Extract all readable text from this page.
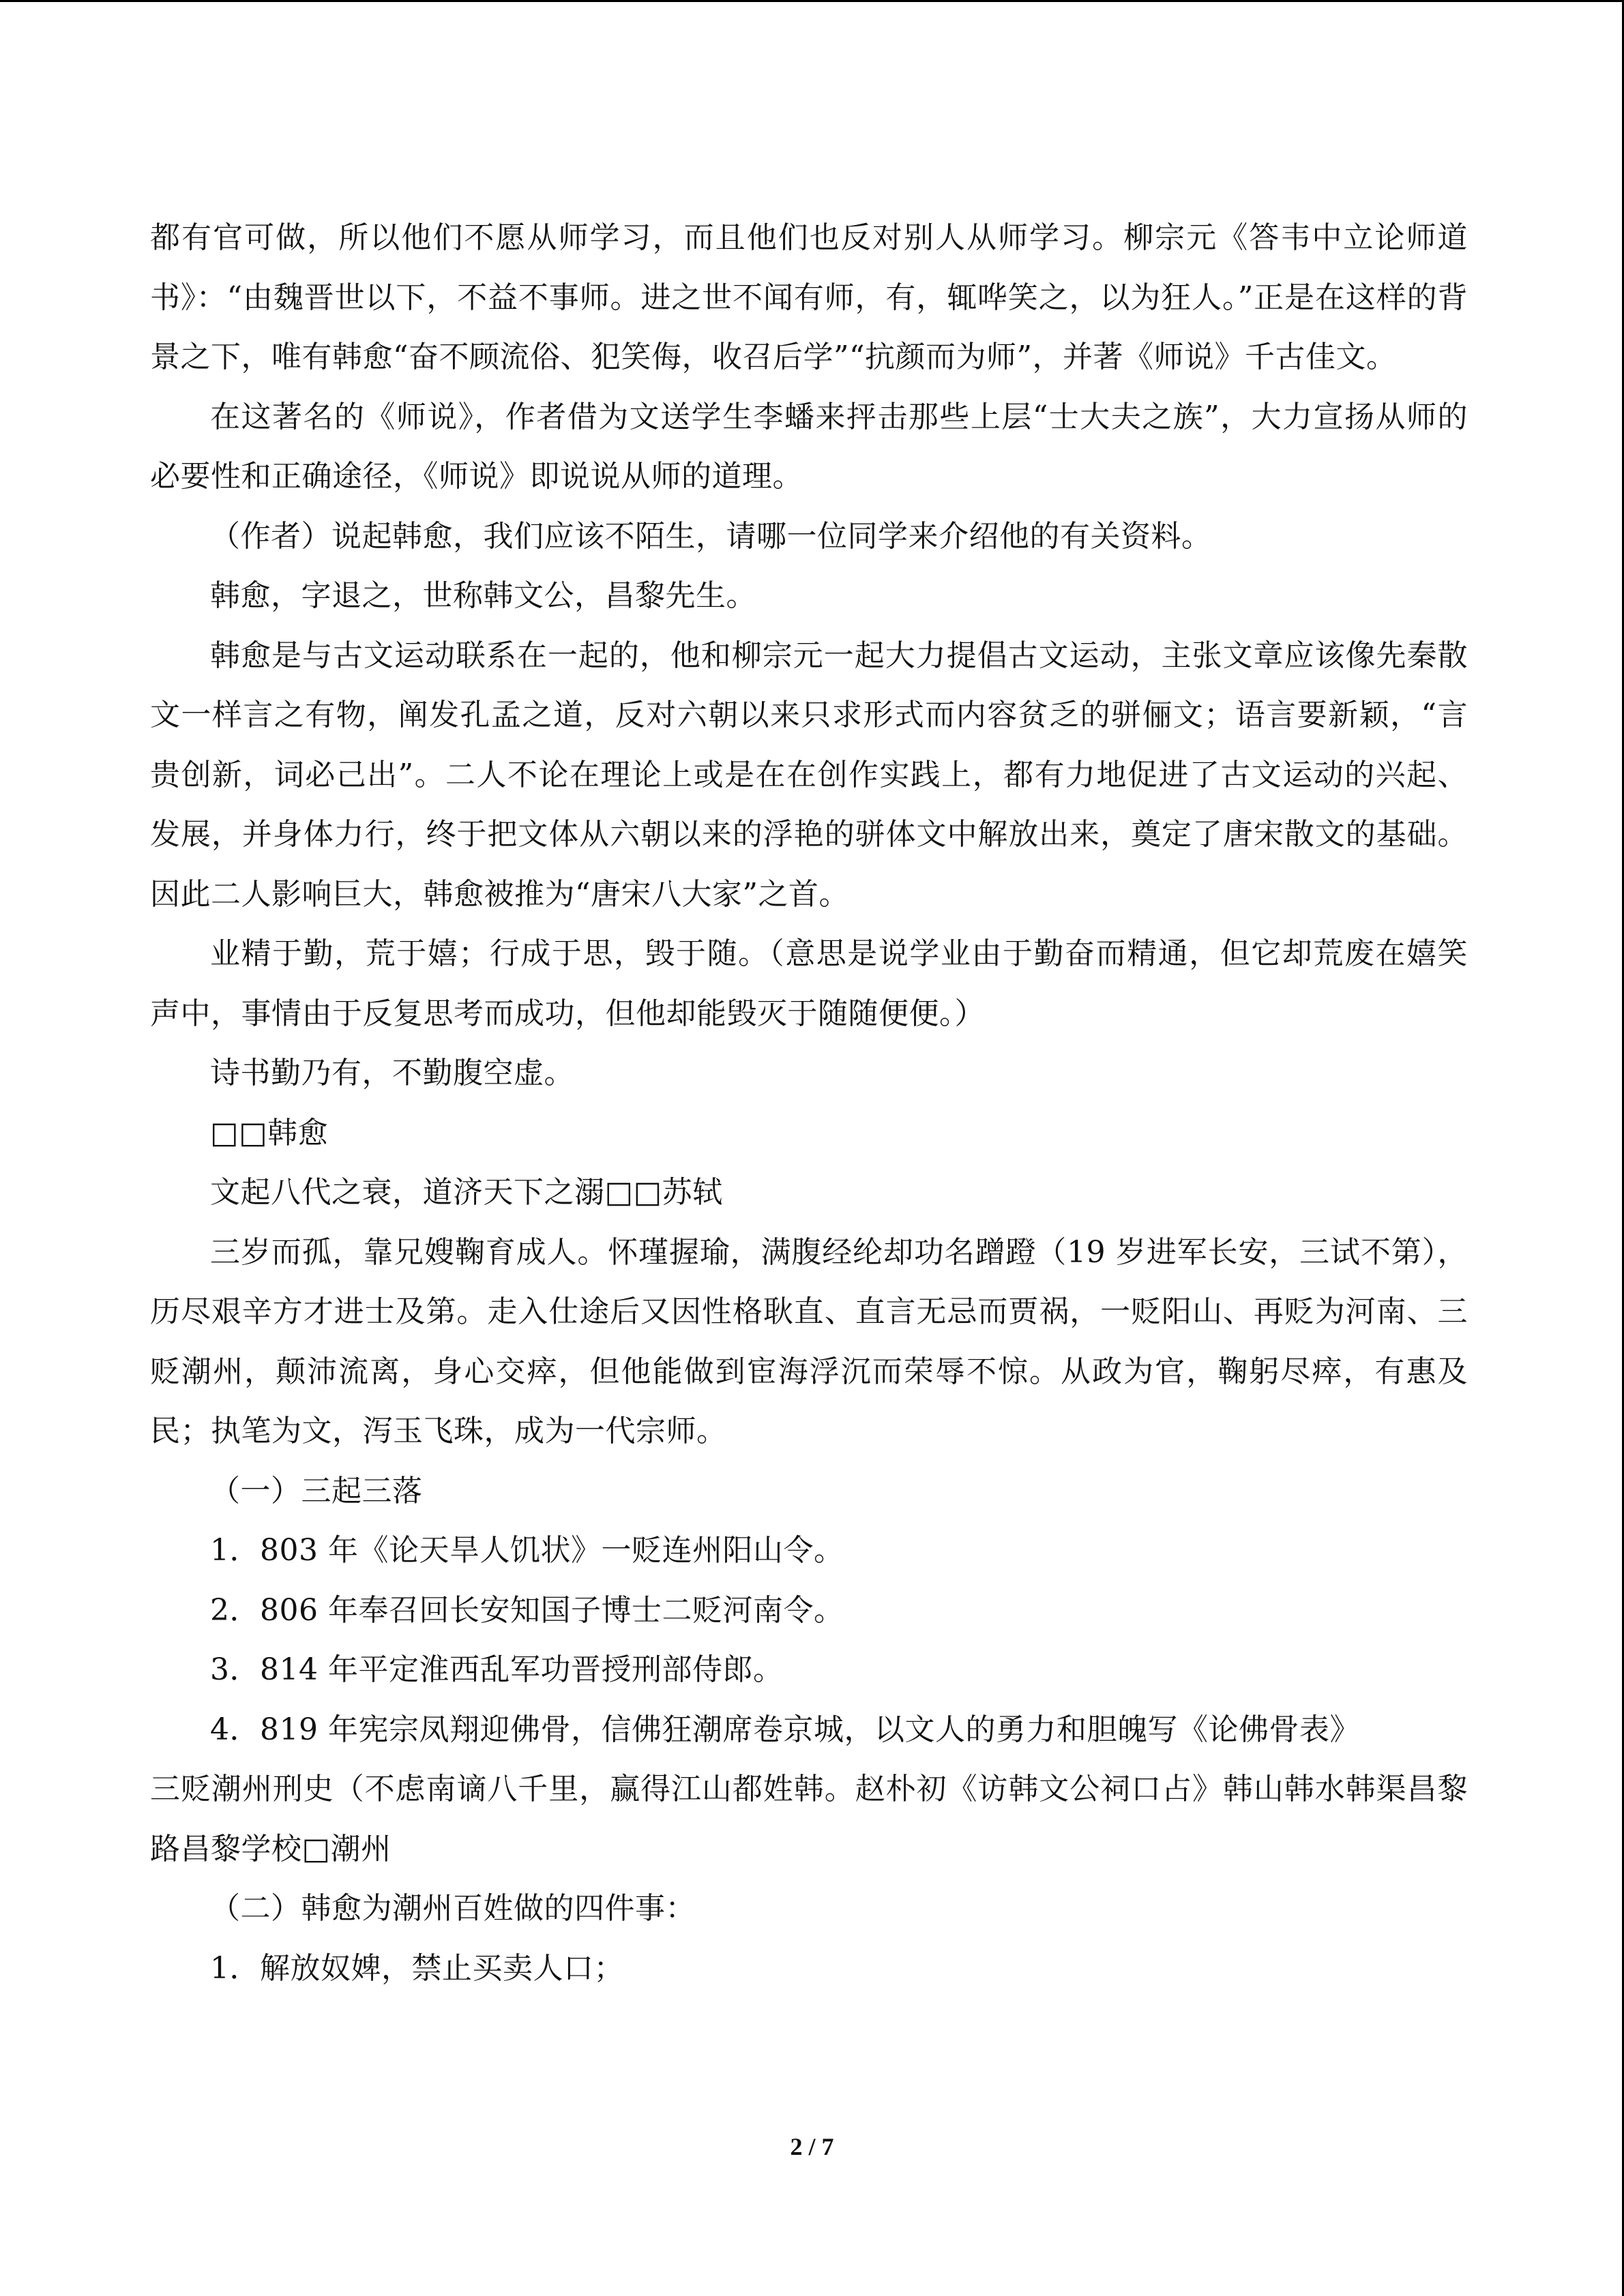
都有官可做，所以他们不愿从师学习，而且他们也反对别人从师学习。柳宗元《答韦中立论师道书》：“由魏晋世以下，不益不事师。进之世不闻有师，有，辄哗笑之，以为狂人。”正是在这样的背景之下，唯有韩愈“奋不顾流俗、犯笑侮，收召后学”“抗颜而为师”，并著《师说》千古佳文。

在这著名的《师说》，作者借为文送学生李蟠来抨击那些上层“士大夫之族”，大力宣扬从师的必要性和正确途径，《师说》即说说从师的道理。

（作者）说起韩愈，我们应该不陌生，请哪一位同学来介绍他的有关资料。

韩愈，字退之，世称韩文公，昌黎先生。

韩愈是与古文运动联系在一起的，他和柳宗元一起大力提倡古文运动，主张文章应该像先秦散文一样言之有物，阐发孔孟之道，反对六朝以来只求形式而内容贫乏的骈俪文；语言要新颖，“言贵创新，词必己出”。二人不论在理论上或是在在创作实践上，都有力地促进了古文运动的兴起、发展，并身体力行，终于把文体从六朝以来的浮艳的骈体文中解放出来，奠定了唐宋散文的基础。因此二人影响巨大，韩愈被推为“唐宋八大家”之首。

业精于勤，荒于嬉；行成于思，毁于随。（意思是说学业由于勤奋而精通，但它却荒废在嬉笑声中，事情由于反复思考而成功，但他却能毁灭于随随便便。）

诗书勤乃有，不勤腹空虚。

□□韩愈

文起八代之衰，道济天下之溺□□苏轼

三岁而孤，靠兄嫂鞠育成人。怀瑾握瑜，满腹经纶却功名蹭蹬（19 岁进军长安，三试不第），历尽艰辛方才进士及第。走入仕途后又因性格耿直、直言无忌而贾祸，一贬阳山、再贬为河南、三贬潮州，颠沛流离，身心交瘁，但他能做到宦海浮沉而荣辱不惊。从政为官，鞠躬尽瘁，有惠及民；执笔为文，泻玉飞珠，成为一代宗师。

（一）三起三落

1．803 年《论天旱人饥状》一贬连州阳山令。

2．806 年奉召回长安知国子博士二贬河南令。

3．814 年平定淮西乱军功晋授刑部侍郎。

4．819 年宪宗凤翔迎佛骨，信佛狂潮席卷京城，以文人的勇力和胆魄写《论佛骨表》

三贬潮州刑史（不虑南谪八千里，赢得江山都姓韩。赵朴初《访韩文公祠口占》韩山韩水韩渠昌黎路昌黎学校□潮州

（二）韩愈为潮州百姓做的四件事：

1．解放奴婢，禁止买卖人口；

2 / 7
